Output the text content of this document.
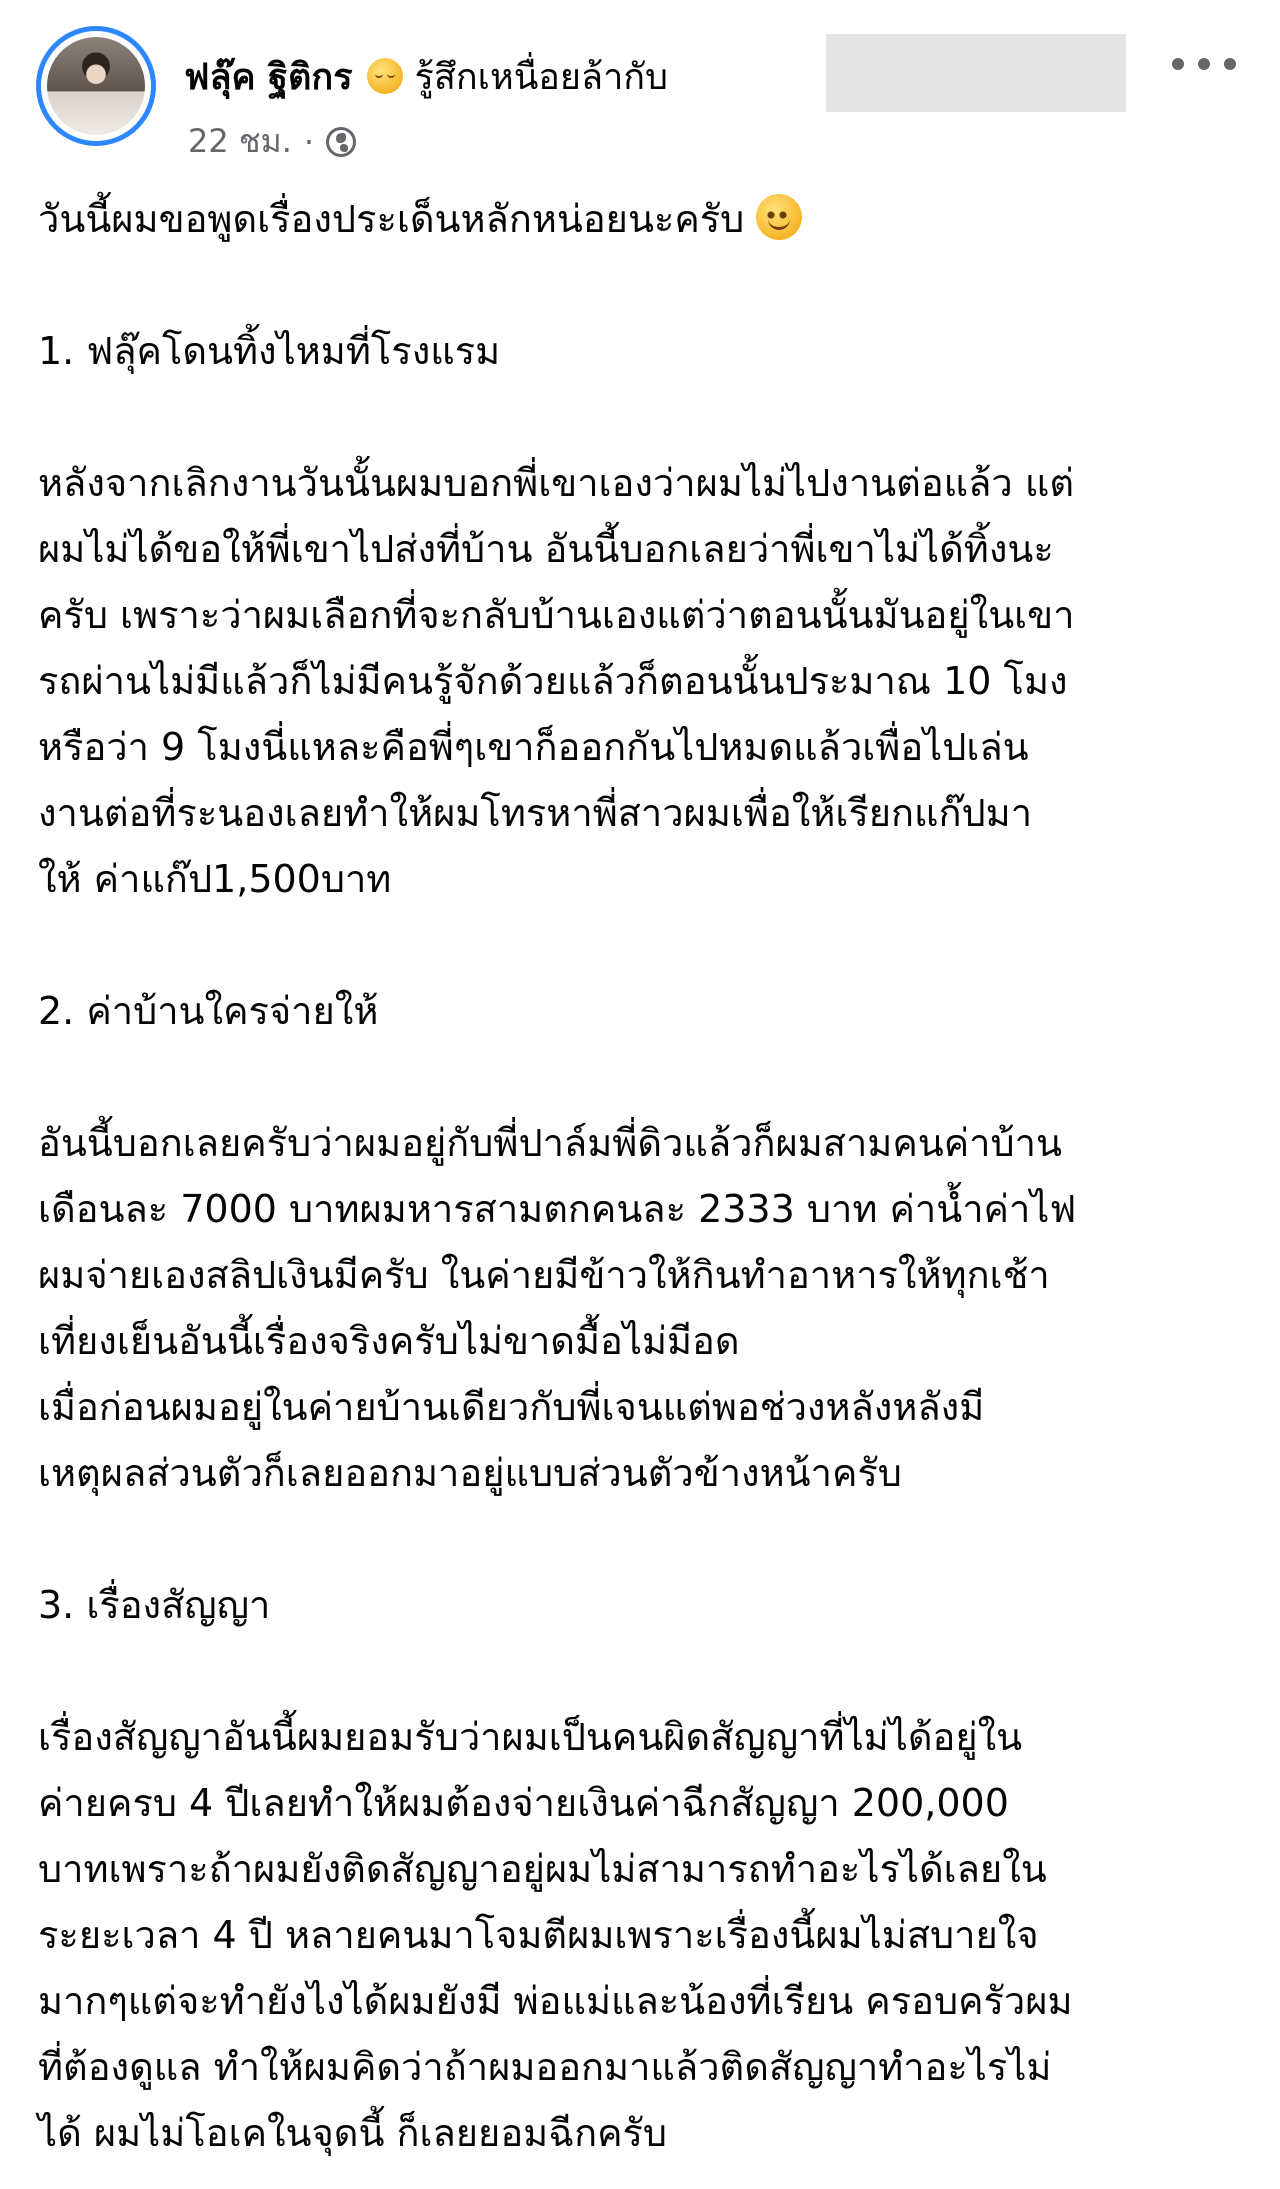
ฟลุ๊ค ฐิติกร รู้สึกเหนื่อยล้ากับ
22 ชม. ·
วันนี้ผมขอพูดเรื่องประเด็นหลักหน่อยนะครับ
1. ฟลุ๊คโดนทิ้งไหมที่โรงแรม
หลังจากเลิกงานวันนั้นผมบอกพี่เขาเองว่าผมไม่ไปงานต่อแล้ว แต่
ผมไม่ได้ขอให้พี่เขาไปส่งที่บ้าน อันนี้บอกเลยว่าพี่เขาไม่ได้ทิ้งนะ
ครับ เพราะว่าผมเลือกที่จะกลับบ้านเองแต่ว่าตอนนั้นมันอยู่ในเขา
รถผ่านไม่มีแล้วก็ไม่มีคนรู้จักด้วยแล้วก็ตอนนั้นประมาณ 10 โมง
หรือว่า 9 โมงนี่แหละคือพี่ๆเขาก็ออกกันไปหมดแล้วเพื่อไปเล่น
งานต่อที่ระนองเลยทำให้ผมโทรหาพี่สาวผมเพื่อให้เรียกแก๊ปมา
ให้ ค่าแก๊ป1,500บาท
2. ค่าบ้านใครจ่ายให้
อันนี้บอกเลยครับว่าผมอยู่กับพี่ปาล์มพี่ดิวแล้วก็ผมสามคนค่าบ้าน
เดือนละ 7000 บาทผมหารสามตกคนละ 2333 บาท ค่าน้ำค่าไฟ
ผมจ่ายเองสลิปเงินมีครับ ในค่ายมีข้าวให้กินทำอาหารให้ทุกเช้า
เที่ยงเย็นอันนี้เรื่องจริงครับไม่ขาดมื้อไม่มีอด
เมื่อก่อนผมอยู่ในค่ายบ้านเดียวกับพี่เจนแต่พอช่วงหลังหลังมี
เหตุผลส่วนตัวก็เลยออกมาอยู่แบบส่วนตัวข้างหน้าครับ
3. เรื่องสัญญา
เรื่องสัญญาอันนี้ผมยอมรับว่าผมเป็นคนผิดสัญญาที่ไม่ได้อยู่ใน
ค่ายครบ 4 ปีเลยทำให้ผมต้องจ่ายเงินค่าฉีกสัญญา 200,000
บาทเพราะถ้าผมยังติดสัญญาอยู่ผมไม่สามารถทำอะไรได้เลยใน
ระยะเวลา 4 ปี หลายคนมาโจมตีผมเพราะเรื่องนี้ผมไม่สบายใจ
มากๆแต่จะทำยังไงได้ผมยังมี พ่อแม่และน้องที่เรียน ครอบครัวผม
ที่ต้องดูแล ทำให้ผมคิดว่าถ้าผมออกมาแล้วติดสัญญาทำอะไรไม่
ได้ ผมไม่โอเคในจุดนี้ ก็เลยยอมฉีกครับ
